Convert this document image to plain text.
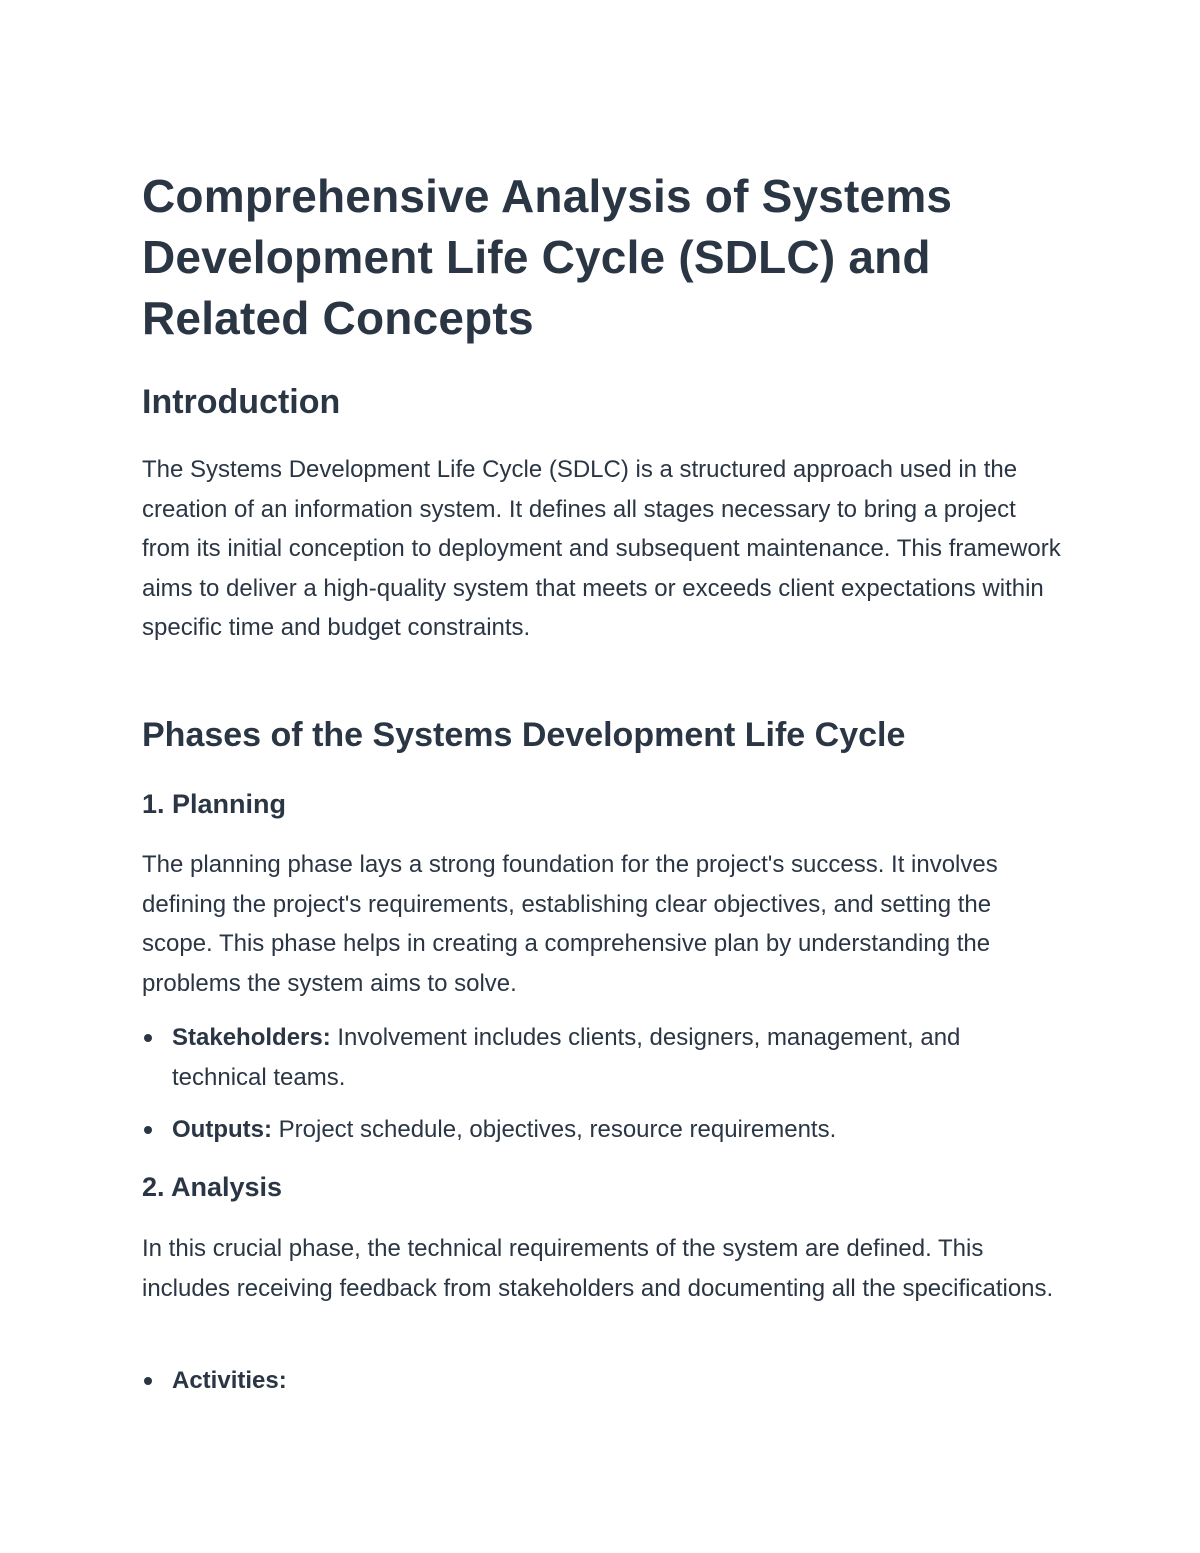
Comprehensive Analysis of Systems Development Life Cycle (SDLC) and Related Concepts
Introduction

The Systems Development Life Cycle (SDLC) is a structured approach used in the creation of an information system. It defines all stages necessary to bring a project from its initial conception to deployment and subsequent maintenance. This framework aims to deliver a high-quality system that meets or exceeds client expectations within specific time and budget constraints.

Phases of the Systems Development Life Cycle
1. Planning

The planning phase lays a strong foundation for the project's success. It involves defining the project's requirements, establishing clear objectives, and setting the scope. This phase helps in creating a comprehensive plan by understanding the problems the system aims to solve.

Stakeholders: Involvement includes clients, designers, management, and technical teams.
Outputs: Project schedule, objectives, resource requirements.
2. Analysis

In this crucial phase, the technical requirements of the system are defined. This includes receiving feedback from stakeholders and documenting all the specifications.

Activities:
